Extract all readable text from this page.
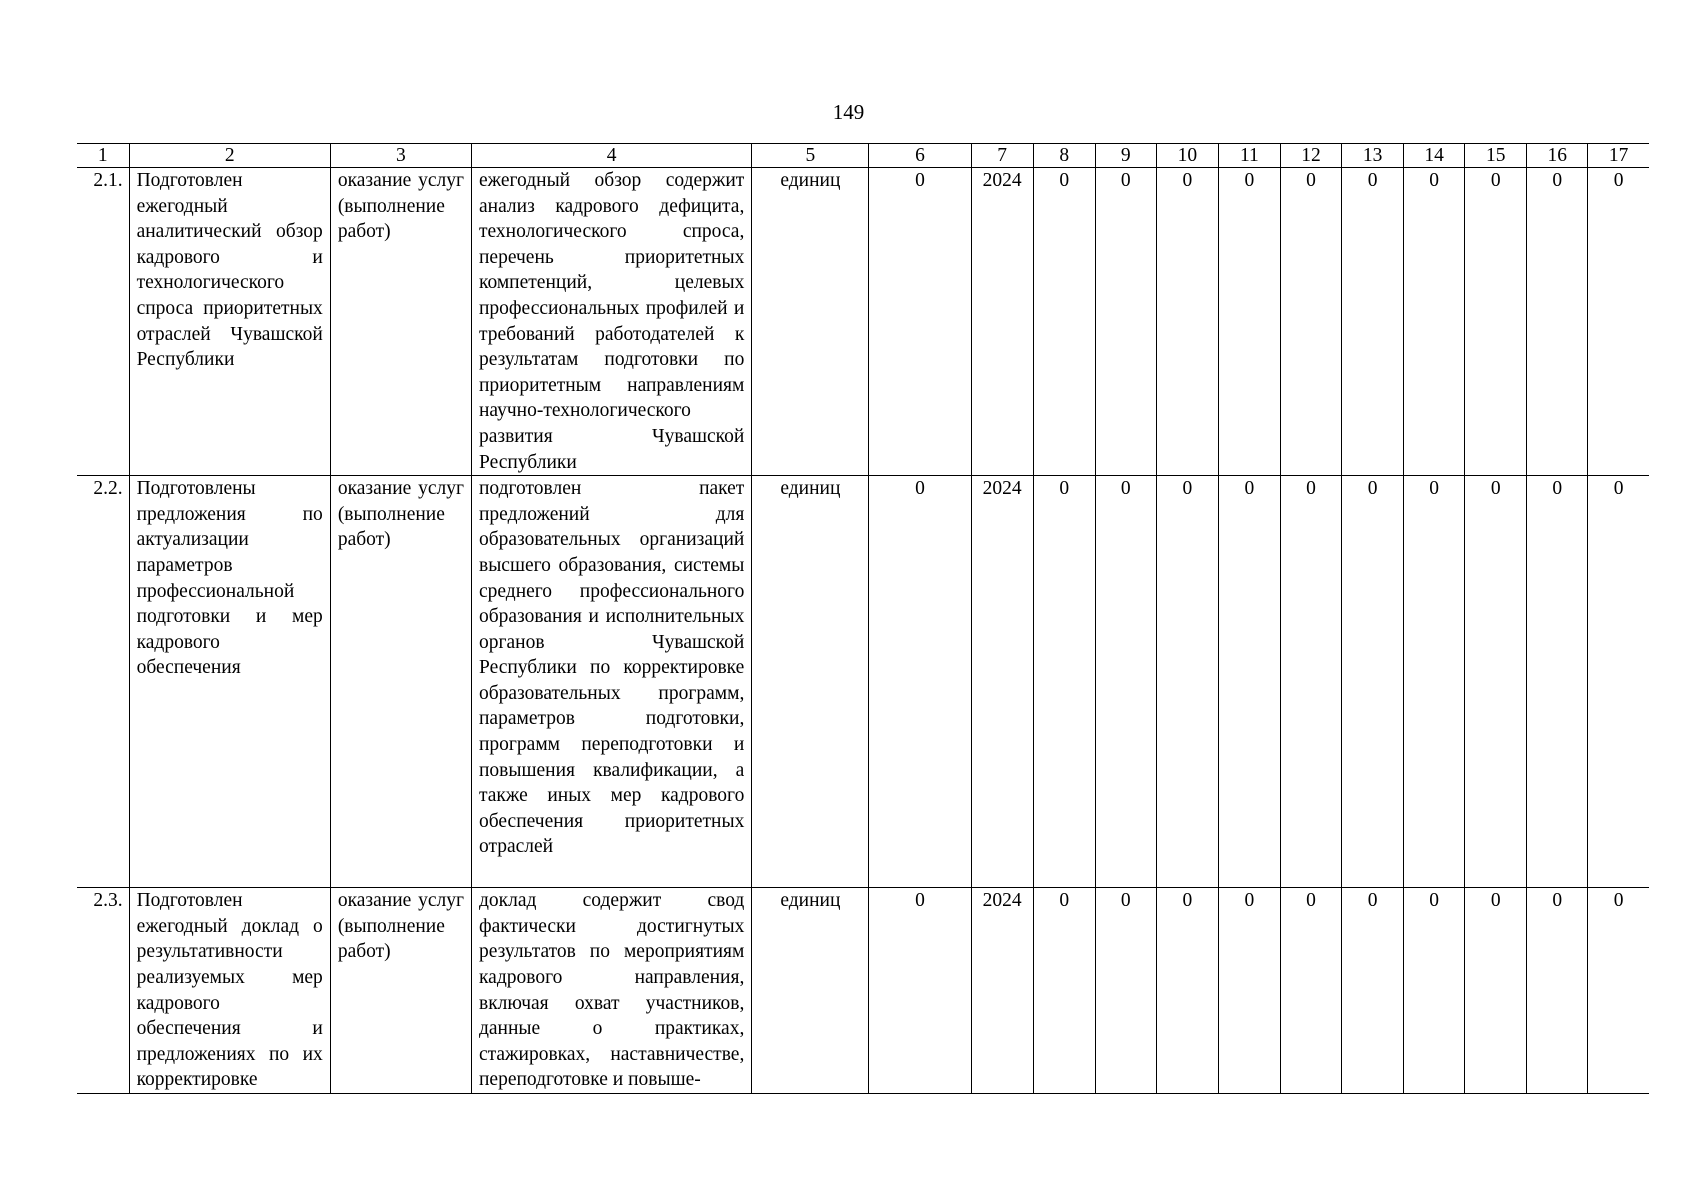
149
1	2	3	4	5	6	7	8	9	10	11	12	13	14	15	16	17
2.1.	Подготовлен ежегодный аналитический обзор кадрового и технологического спроса приоритетных отраслей Чувашской Республики	оказание услуг (выполнение работ)	ежегодный обзор содержит анализ кадрового дефицита, технологического спроса, перечень приоритетных компетенций, целевых профессиональных профилей и требований работодателей к результатам подготовки по приоритетным направлениям научно-технологического развития Чувашской Республики	единиц	0	2024	0	0	0	0	0	0	0	0	0	0
2.2.	Подготовлены предложения по актуализации параметров профессиональной подготовки и мер кадрового обеспечения	оказание услуг (выполнение работ)	подготовлен пакет предложений для образовательных организаций высшего образования, системы среднего профессионального образования и исполнительных органов Чувашской Республики по корректировке образовательных программ, параметров подготовки, программ переподготовки и повышения квалификации, а также иных мер кадрового обеспечения приоритетных отраслей	единиц	0	2024	0	0	0	0	0	0	0	0	0	0
2.3.	Подготовлен ежегодный доклад о результативности реализуемых мер кадрового обеспечения и предложениях по их корректировке	оказание услуг (выполнение работ)	доклад содержит свод фактически достигнутых результатов по мероприятиям кадрового направления, включая охват участников, данные о практиках, стажировках, наставничестве, переподготовке и повыше-	единиц	0	2024	0	0	0	0	0	0	0	0	0	0
